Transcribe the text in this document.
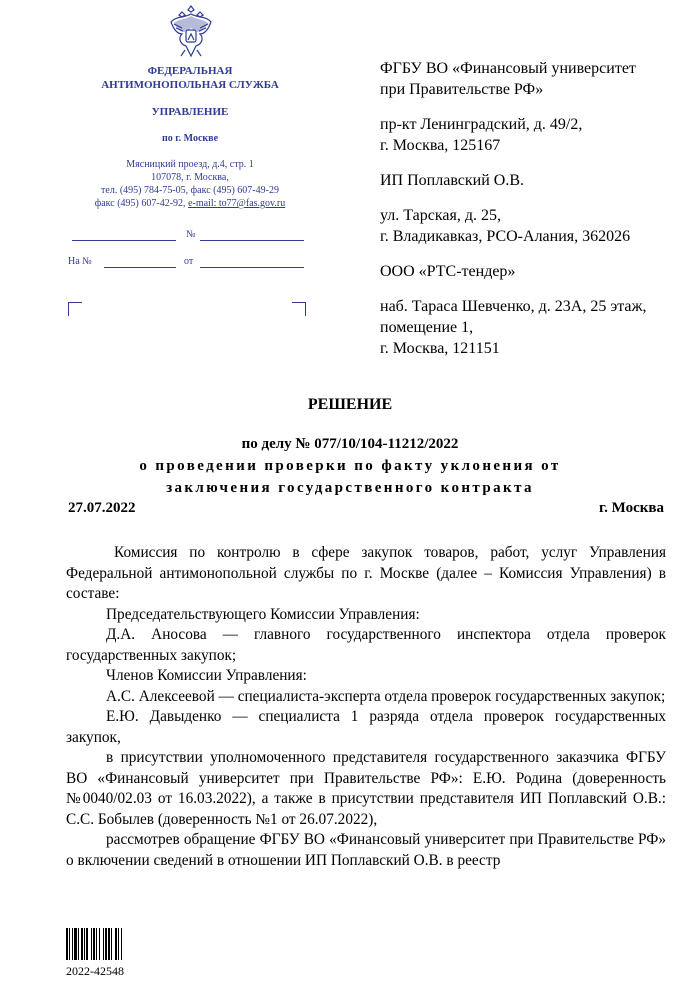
ФЕДЕРАЛЬНАЯ
АНТИМОНОПОЛЬНАЯ СЛУЖБА
УПРАВЛЕНИЕ
по г. Москве
Мясницкий проезд, д.4, стр. 1
107078, г. Москва,
тел. (495) 784-75-05, факс (495) 607-49-29
факс (495) 607-42-92, e-mail: to77@fas.gov.ru
№
На №	от
ФГБУ ВО «Финансовый университет
при Правительстве РФ»
пр-кт Ленинградский, д. 49/2,
г. Москва, 125167
ИП Поплавский О.В.
ул. Тарская, д. 25,
г. Владикавказ, РСО-Алания, 362026
ООО «РТС-тендер»
наб. Тараса Шевченко, д. 23А, 25 этаж,
помещение 1,
г. Москва, 121151
РЕШЕНИЕ
по делу № 077/10/104-11212/2022
о проведении проверки по факту уклонения от
заключения государственного контракта
27.07.2022	г. Москва

Комиссия по контролю в сфере закупок товаров, работ, услуг Управления Федеральной антимонопольной службы по г. Москве (далее – Комиссия Управления) в составе:

Председательствующего Комиссии Управления:

Д.А. Аносова — главного государственного инспектора отдела проверок государственных закупок;

Членов Комиссии Управления:

А.С. Алексеевой — специалиста-эксперта отдела проверок государственных закупок;

Е.Ю. Давыденко — специалиста 1 разряда отдела проверок государственных закупок,

в присутствии уполномоченного представителя государственного заказчика ФГБУ ВО «Финансовый университет при Правительстве РФ»: Е.Ю. Родина (доверенность №0040/02.03 от 16.03.2022), а также в присутствии представителя ИП Поплавский О.В.: С.С. Бобылев (доверенность №1 от 26.07.2022),

рассмотрев обращение ФГБУ ВО «Финансовый университет при Правительстве РФ» о включении сведений в отношении ИП Поплавский О.В. в реестр

2022-42548
